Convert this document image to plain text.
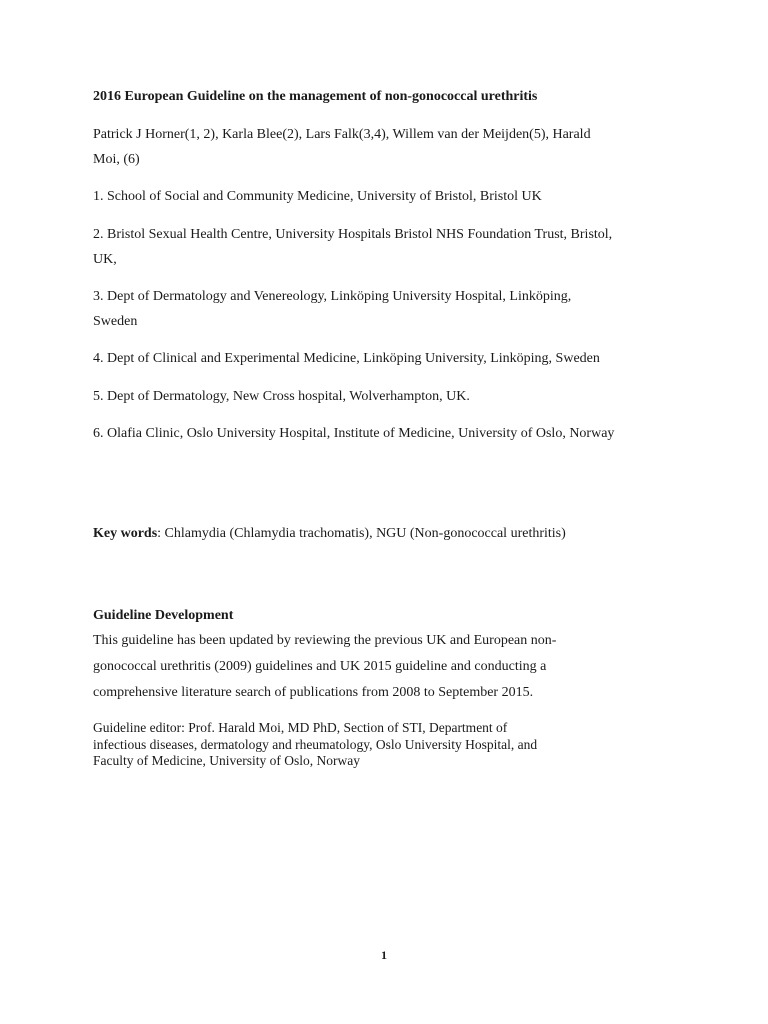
2016 European Guideline on the management of non-gonococcal urethritis
Patrick J Horner(1, 2), Karla Blee(2), Lars Falk(3,4), Willem van der Meijden(5), Harald
Moi, (6)
1. School of Social and Community Medicine, University of Bristol, Bristol UK
2. Bristol Sexual Health Centre, University Hospitals Bristol NHS Foundation Trust, Bristol,
UK,
3. Dept of Dermatology and Venereology, Linköping University Hospital, Linköping,
Sweden
4. Dept of Clinical and Experimental Medicine, Linköping University, Linköping, Sweden
5. Dept of Dermatology, New Cross hospital, Wolverhampton, UK.
6. Olafia Clinic, Oslo University Hospital, Institute of Medicine, University of Oslo, Norway
Key words: Chlamydia (Chlamydia trachomatis), NGU (Non-gonococcal urethritis)
Guideline Development
This guideline has been updated by reviewing the previous UK and European non-
gonococcal urethritis (2009) guidelines and UK 2015 guideline and conducting a
comprehensive literature search of publications from 2008 to September 2015.
Guideline editor: Prof. Harald Moi, MD PhD, Section of STI, Department of
infectious diseases, dermatology and rheumatology, Oslo University Hospital, and
Faculty of Medicine, University of Oslo, Norway
1
